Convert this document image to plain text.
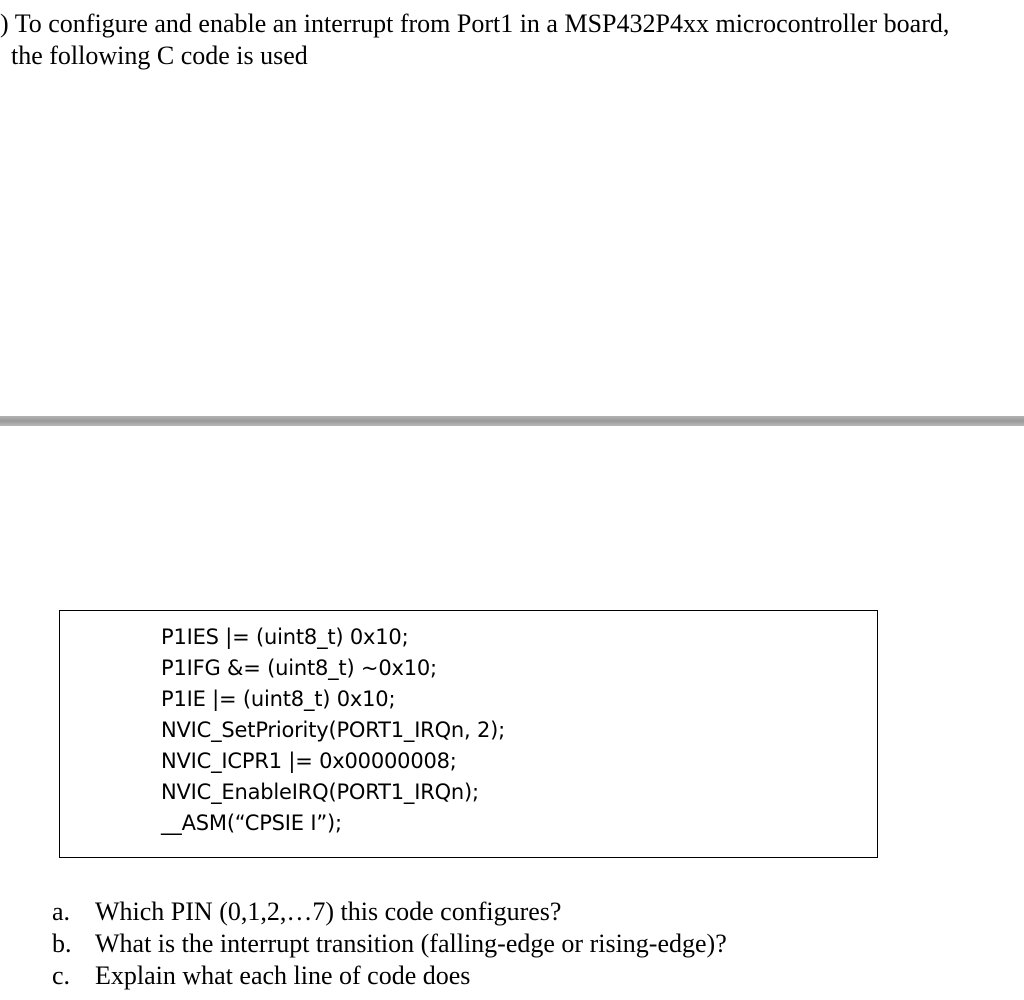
) To configure and enable an interrupt from Port1 in a MSP432P4xx microcontroller board,
the following C code is used
P1IES |= (uint8_t) 0x10;
P1IFG &= (uint8_t) ~0x10;
P1IE |= (uint8_t) 0x10;
NVIC_SetPriority(PORT1_IRQn, 2);
NVIC_ICPR1 |= 0x00000008;
NVIC_EnableIRQ(PORT1_IRQn);
__ASM(“CPSIE I”);
a. Which PIN (0,1,2,…7) this code configures?
b. What is the interrupt transition (falling-edge or rising-edge)?
c. Explain what each line of code does
